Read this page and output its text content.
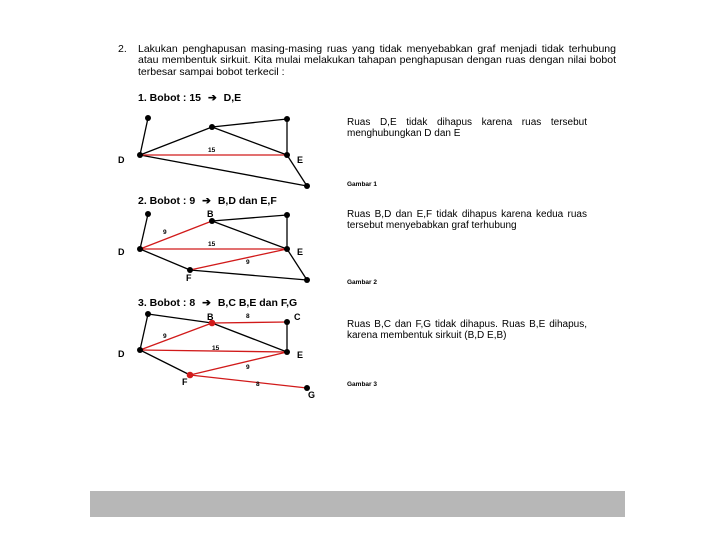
2. Lakukan penghapusan masing-masing ruas yang tidak menyebabkan graf menjadi tidak terhubung atau membentuk sirkuit. Kita mulai melakukan tahapan penghapusan dengan ruas dengan nilai bobot terbesar sampai bobot terkecil :
1. Bobot : 15 ➔ D,E
D	E
15
Ruas D,E tidak dihapus karena ruas tersebut menghubungkan D dan E
Gambar 1
2. Bobot : 9 ➔ B,D dan E,F
B
D	E
F
9
15
9
Ruas B,D dan E,F tidak dihapus karena kedua ruas tersebut menyebabkan graf terhubung
Gambar 2
3. Bobot : 8 ➔ B,C B,E dan F,G
B	C
D	E
F
G
8
9
15
9
8
Ruas B,C dan F,G tidak dihapus. Ruas B,E dihapus, karena membentuk sirkuit (B,D E,B)
Gambar 3
